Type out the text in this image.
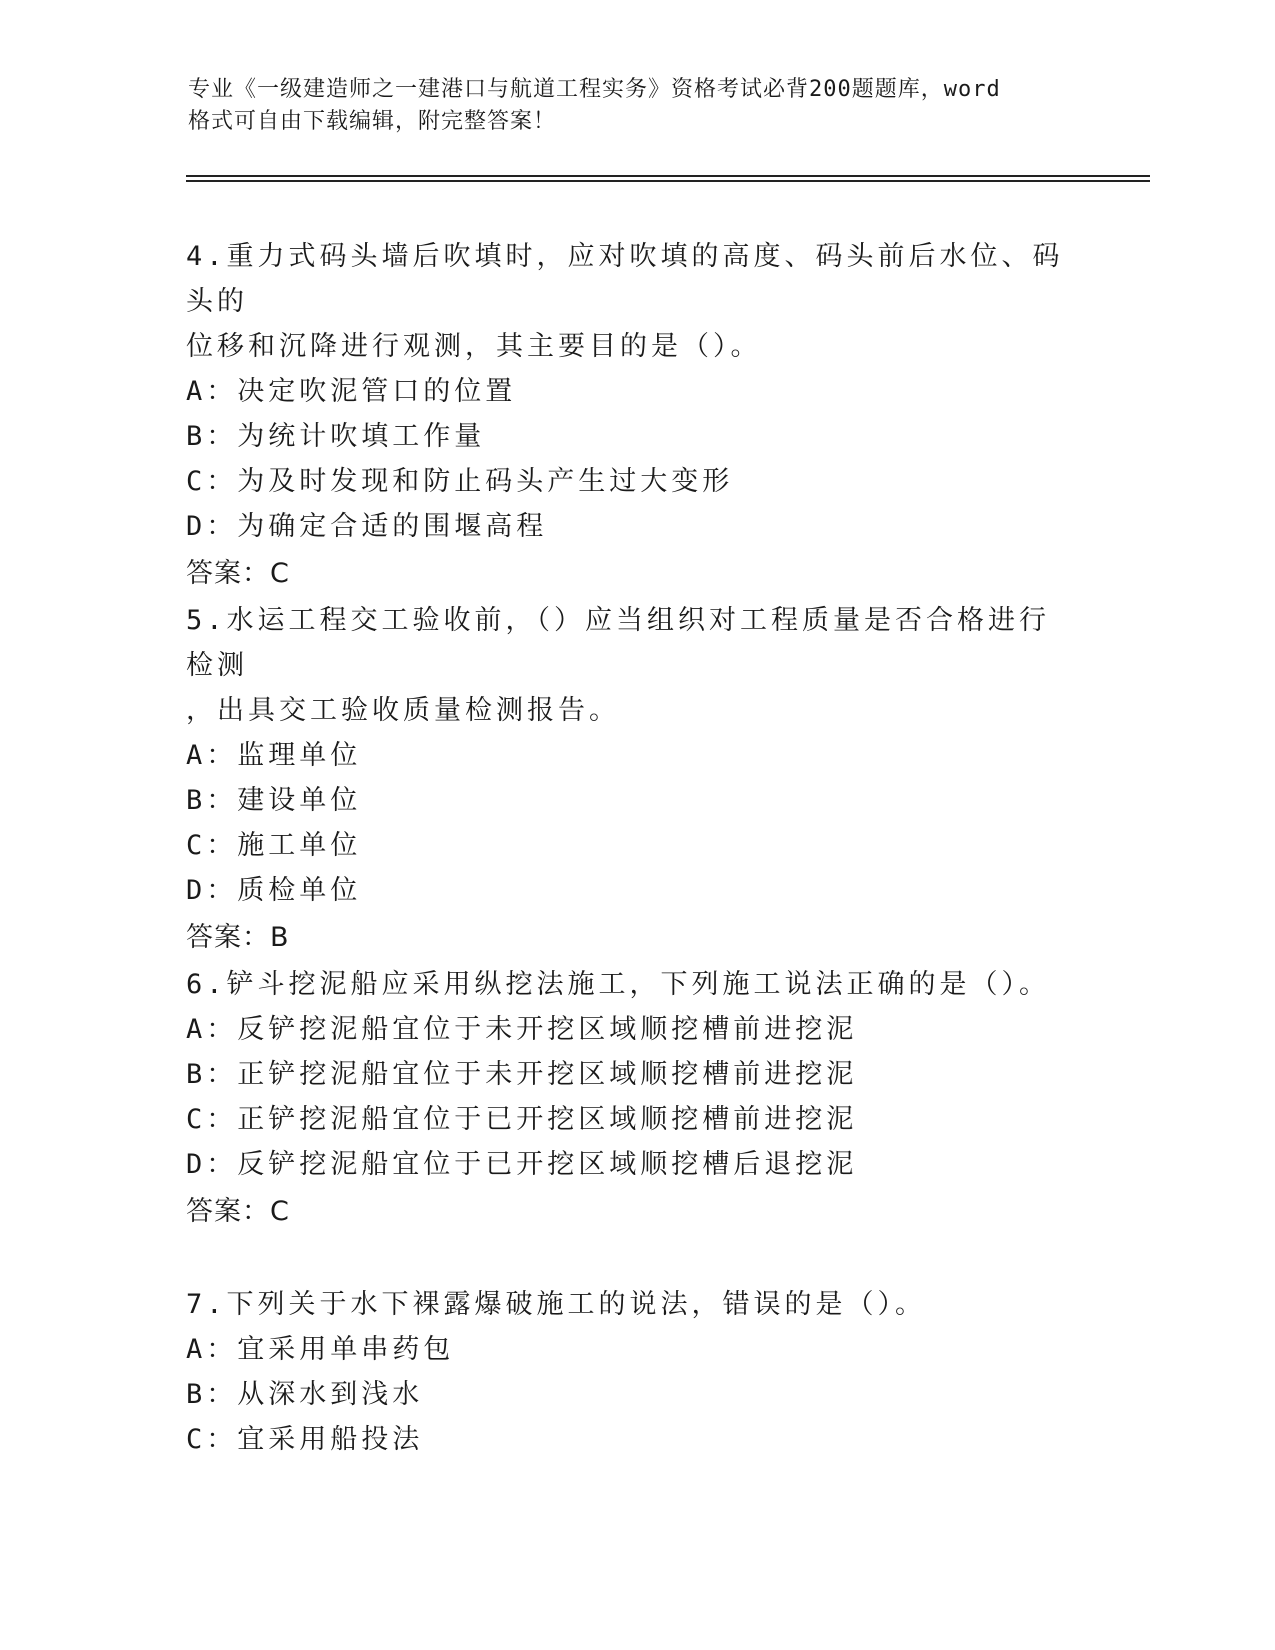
专业《一级建造师之一建港口与航道工程实务》资格考试必背200题题库，word
格式可自由下载编辑，附完整答案！
4.重力式码头墙后吹填时，应对吹填的高度、码头前后水位、码头的
位移和沉降进行观测，其主要目的是（）。
A：决定吹泥管口的位置
B：为统计吹填工作量
C：为及时发现和防止码头产生过大变形
D：为确定合适的围堰高程
答案：C
5.水运工程交工验收前，（）应当组织对工程质量是否合格进行检测
，出具交工验收质量检测报告。
A：监理单位
B：建设单位
C：施工单位
D：质检单位
答案：B
6.铲斗挖泥船应采用纵挖法施工，下列施工说法正确的是（）。
A：反铲挖泥船宜位于未开挖区域顺挖槽前进挖泥
B：正铲挖泥船宜位于未开挖区域顺挖槽前进挖泥
C：正铲挖泥船宜位于已开挖区域顺挖槽前进挖泥
D：反铲挖泥船宜位于已开挖区域顺挖槽后退挖泥
答案：C
7.下列关于水下裸露爆破施工的说法，错误的是（）。
A：宜采用单串药包
B：从深水到浅水
C：宜采用船投法
